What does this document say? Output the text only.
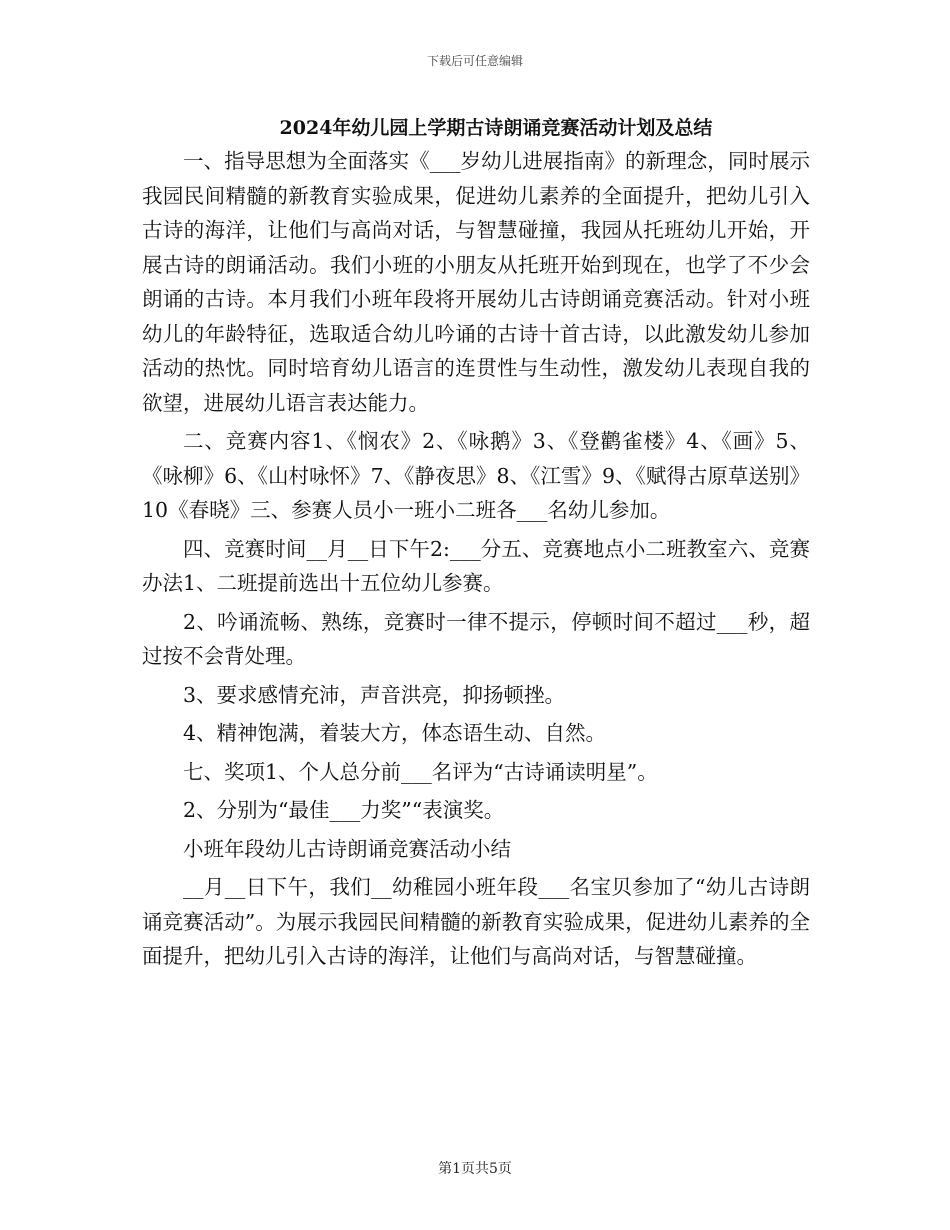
下载后可任意编辑
2024年幼儿园上学期古诗朗诵竞赛活动计划及总结

一、指导思想为全面落实《___岁幼儿进展指南》的新理念，同时展示我园民间精髓的新教育实验成果，促进幼儿素养的全面提升，把幼儿引入古诗的海洋，让他们与高尚对话，与智慧碰撞，我园从托班幼儿开始，开展古诗的朗诵活动。我们小班的小朋友从托班开始到现在，也学了不少会朗诵的古诗。本月我们小班年段将开展幼儿古诗朗诵竞赛活动。针对小班幼儿的年龄特征，选取适合幼儿吟诵的古诗十首古诗，以此激发幼儿参加活动的热忱。同时培育幼儿语言的连贯性与生动性，激发幼儿表现自我的欲望，进展幼儿语言表达能力。

二、竞赛内容1、《悯农》2、《咏鹅》3、《登鹳雀楼》4、《画》5、《咏柳》6、《山村咏怀》7、《静夜思》8、《江雪》9、《赋得古原草送别》10《春晓》三、参赛人员小一班小二班各___名幼儿参加。

四、竞赛时间__月__日下午2:___分五、竞赛地点小二班教室六、竞赛办法1、二班提前选出十五位幼儿参赛。

2、吟诵流畅、熟练，竞赛时一律不提示，停顿时间不超过___秒，超过按不会背处理。

3、要求感情充沛，声音洪亮，抑扬顿挫。

4、精神饱满，着装大方，体态语生动、自然。

七、奖项1、个人总分前___名评为“古诗诵读明星”。

2、分别为“最佳___力奖”“表演奖。

小班年段幼儿古诗朗诵竞赛活动小结

__月__日下午，我们__幼稚园小班年段___名宝贝参加了“幼儿古诗朗诵竞赛活动”。为展示我园民间精髓的新教育实验成果，促进幼儿素养的全面提升，把幼儿引入古诗的海洋，让他们与高尚对话，与智慧碰撞。

第1页共5页
